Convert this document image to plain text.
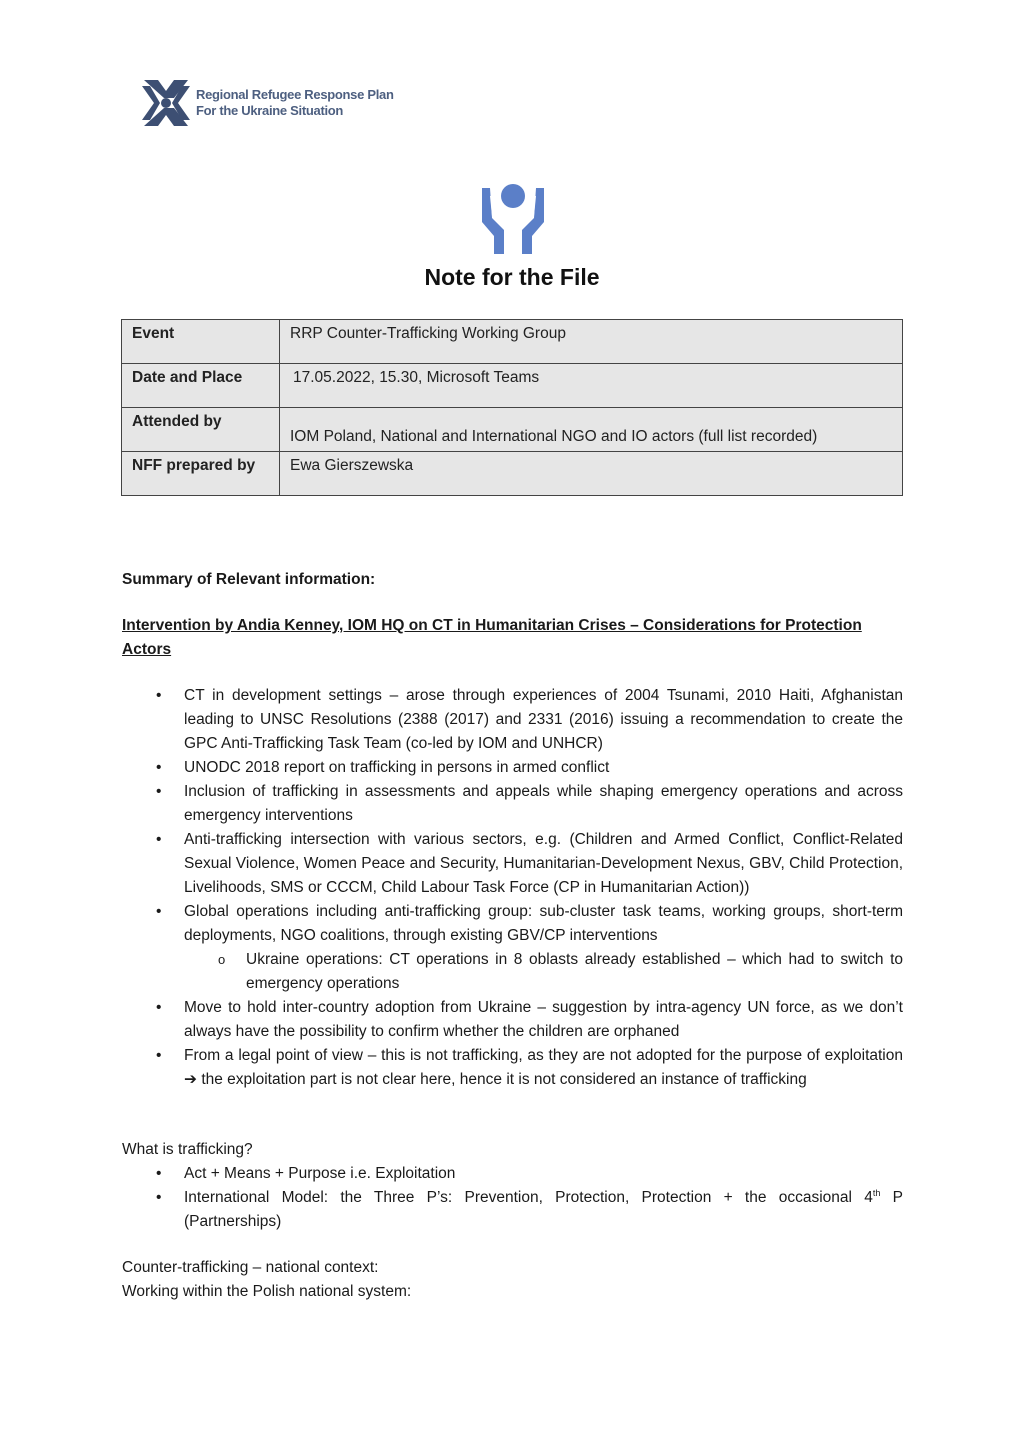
Regional Refugee Response Plan
For the Ukraine Situation
Note for the File
Event	RRP Counter-Trafficking Working Group
Date and Place	17.05.2022, 15.30, Microsoft Teams
Attended by	IOM Poland, National and International NGO and IO actors (full list recorded)
NFF prepared by	Ewa Gierszewska
Summary of Relevant information:
Intervention by Andia Kenney, IOM HQ on CT in Humanitarian Crises – Considerations for Protection Actors
• CT in development settings – arose through experiences of 2004 Tsunami, 2010 Haiti, Afghanistan leading to UNSC Resolutions (2388 (2017) and 2331 (2016) issuing a recommendation to create the GPC Anti-Trafficking Task Team (co-led by IOM and UNHCR)
• UNODC 2018 report on trafficking in persons in armed conflict
• Inclusion of trafficking in assessments and appeals while shaping emergency operations and across emergency interventions
• Anti-trafficking intersection with various sectors, e.g. (Children and Armed Conflict, Conflict-Related Sexual Violence, Women Peace and Security, Humanitarian-Development Nexus, GBV, Child Protection, Livelihoods, SMS or CCCM, Child Labour Task Force (CP in Humanitarian Action))
• Global operations including anti-trafficking group: sub-cluster task teams, working groups, short-term deployments, NGO coalitions, through existing GBV/CP interventions
o Ukraine operations: CT operations in 8 oblasts already established – which had to switch to emergency operations
• Move to hold inter-country adoption from Ukraine – suggestion by intra-agency UN force, as we don’t always have the possibility to confirm whether the children are orphaned
• From a legal point of view – this is not trafficking, as they are not adopted for the purpose of exploitation ➔ the exploitation part is not clear here, hence it is not considered an instance of trafficking
What is trafficking?
• Act + Means + Purpose i.e. Exploitation
• International Model: the Three P’s: Prevention, Protection, Protection + the occasional 4th P (Partnerships)
Counter-trafficking – national context:
Working within the Polish national system:
